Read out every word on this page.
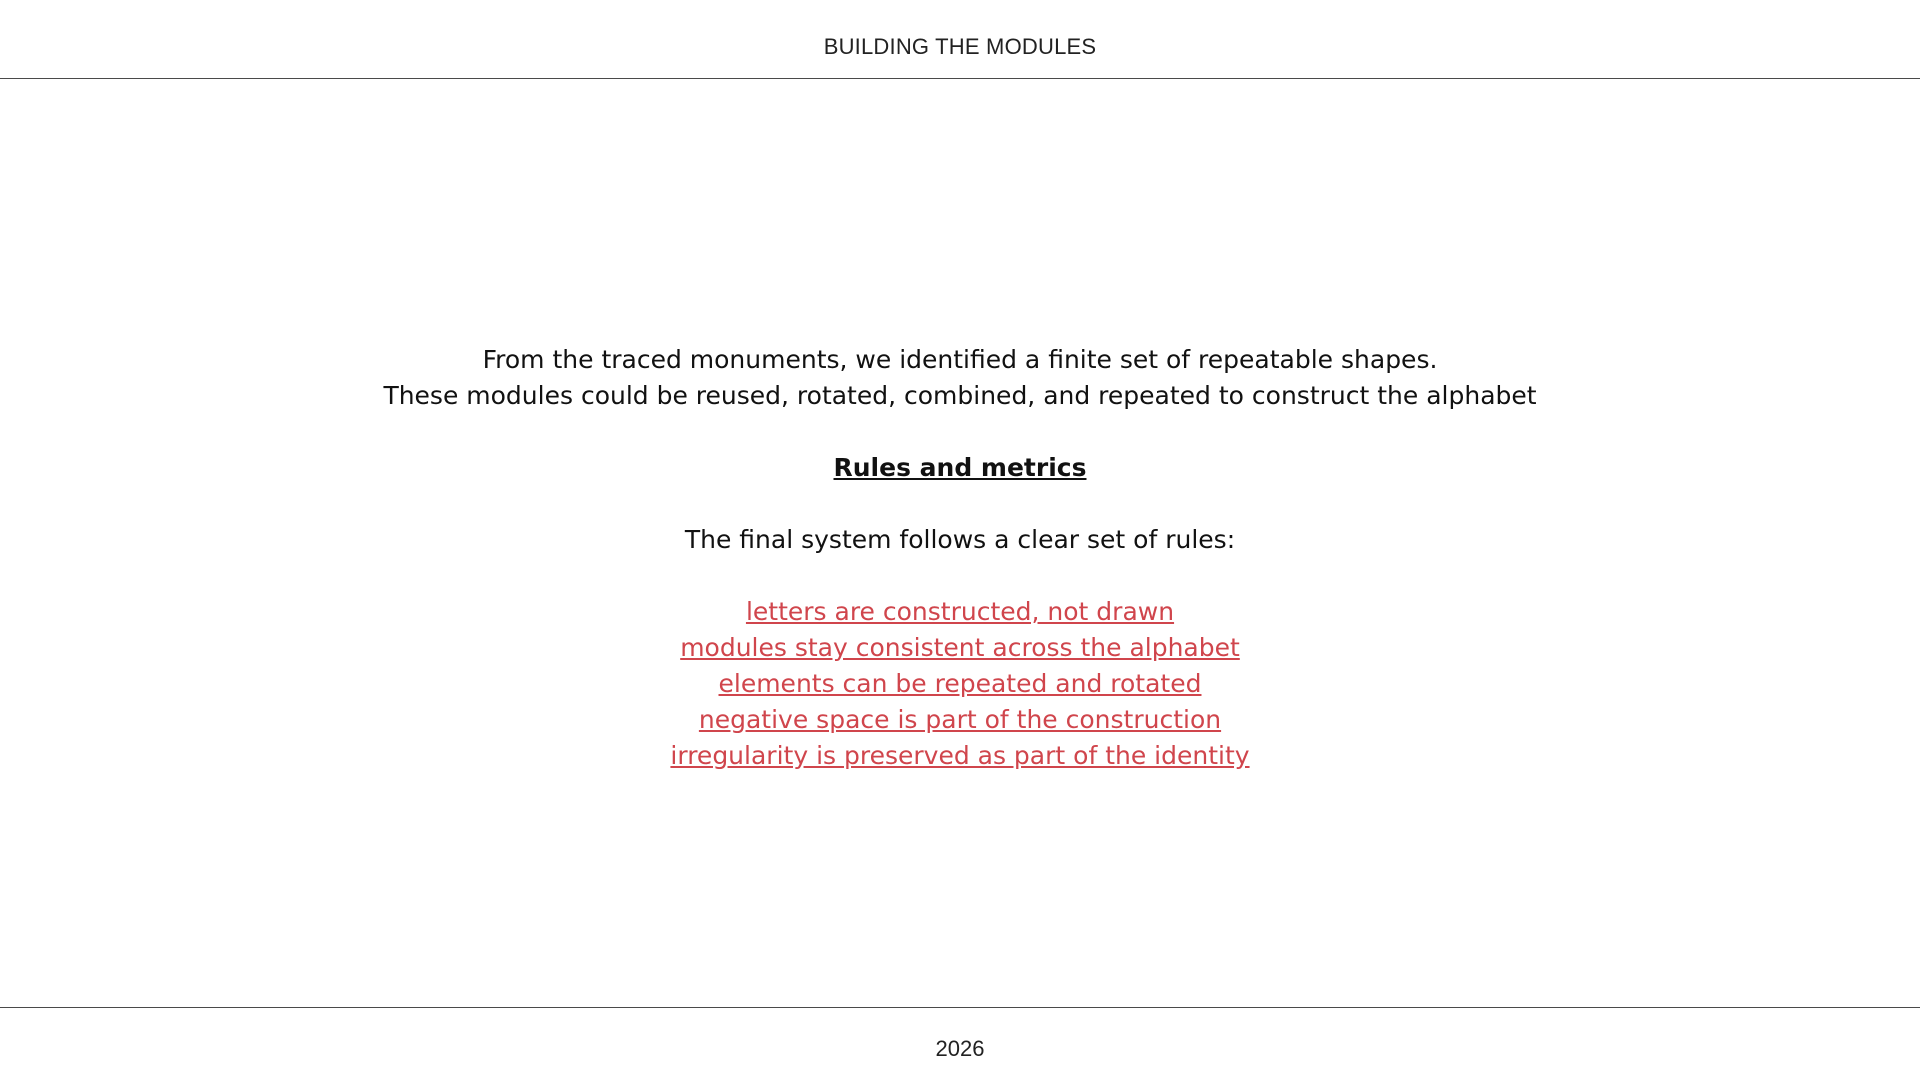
BUILDING THE MODULES

From the traced monuments, we identified a finite set of repeatable shapes.

These modules could be reused, rotated, combined, and repeated to construct the alphabet

Rules and metrics

The final system follows a clear set of rules:

letters are constructed, not drawn
modules stay consistent across the alphabet
elements can be repeated and rotated
negative space is part of the construction
irregularity is preserved as part of the identity
2026
